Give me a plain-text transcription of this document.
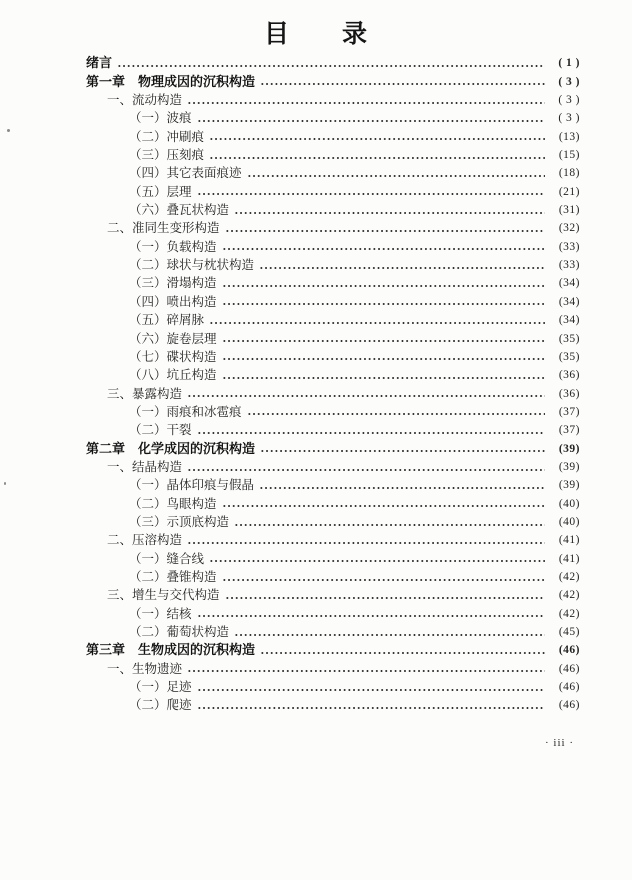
目　　录
绪言	( 1 )
第一章　物理成因的沉积构造	( 3 )
一、流动构造	( 3 )
（一）波痕	( 3 )
（二）冲刷痕	(13)
（三）压刻痕	(15)
（四）其它表面痕迹	(18)
（五）层理	(21)
（六）叠瓦状构造	(31)
二、准同生变形构造	(32)
（一）负载构造	(33)
（二）球状与枕状构造	(33)
（三）滑塌构造	(34)
（四）喷出构造	(34)
（五）碎屑脉	(34)
（六）旋卷层理	(35)
（七）碟状构造	(35)
（八）坑丘构造	(36)
三、暴露构造	(36)
（一）雨痕和冰雹痕	(37)
（二）干裂	(37)
第二章　化学成因的沉积构造	(39)
一、结晶构造	(39)
（一）晶体印痕与假晶	(39)
（二）鸟眼构造	(40)
（三）示顶底构造	(40)
二、压溶构造	(41)
（一）缝合线	(41)
（二）叠锥构造	(42)
三、增生与交代构造	(42)
（一）结核	(42)
（二）葡萄状构造	(45)
第三章　生物成因的沉积构造	(46)
一、生物遗迹	(46)
（一）足迹	(46)
（二）爬迹	(46)
· iii ·
